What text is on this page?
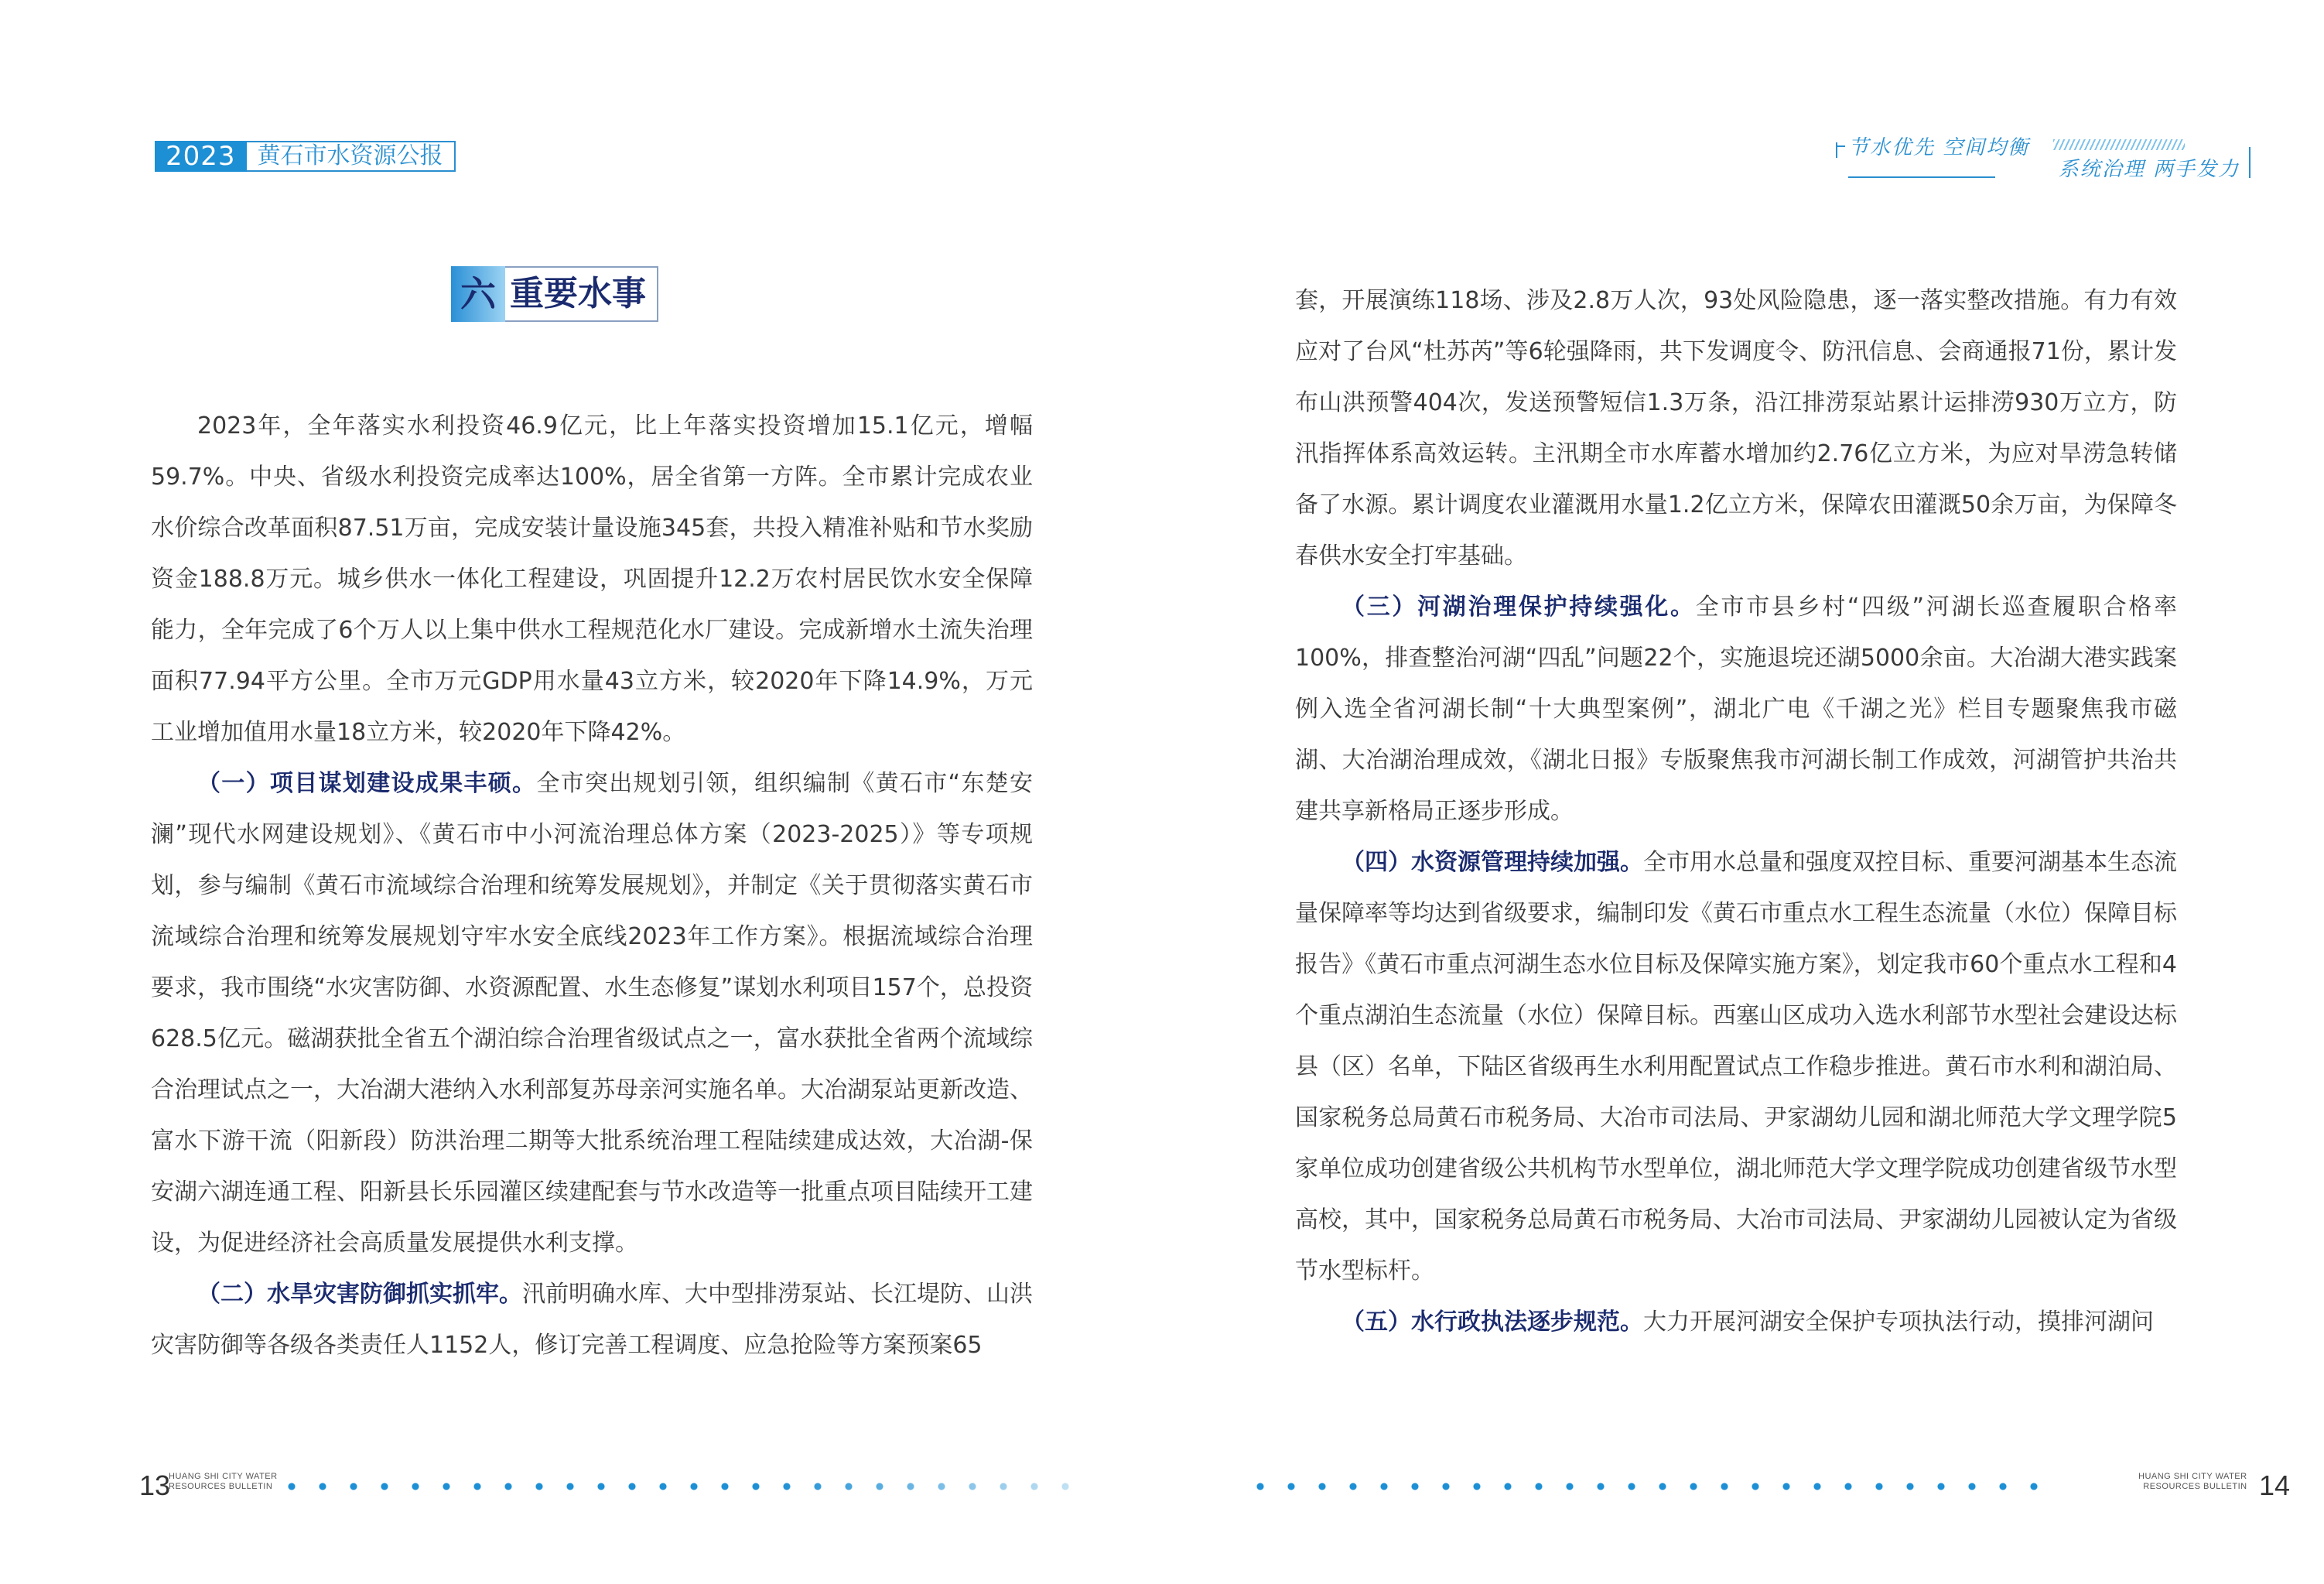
2023 黄石市水资源公报
六 重要水事

2023年，全年落实水利投资46.9亿元，比上年落实投资增加15.1亿元，增幅59.7%。中央、省级水利投资完成率达100%，居全省第一方阵。全市累计完成农业水价综合改革面积87.51万亩，完成安装计量设施345套，共投入精准补贴和节水奖励资金188.8万元。城乡供水一体化工程建设，巩固提升12.2万农村居民饮水安全保障能力，全年完成了6个万人以上集中供水工程规范化水厂建设。完成新增水土流失治理面积77.94平方公里。全市万元GDP用水量43立方米，较2020年下降14.9%，万元工业增加值用水量18立方米，较2020年下降42%。

（一）项目谋划建设成果丰硕。全市突出规划引领，组织编制《黄石市“东楚安澜”现代水网建设规划》、《黄石市中小河流治理总体方案（2023-2025）》等专项规划，参与编制《黄石市流域综合治理和统筹发展规划》，并制定《关于贯彻落实黄石市流域综合治理和统筹发展规划守牢水安全底线2023年工作方案》。根据流域综合治理要求，我市围绕“水灾害防御、水资源配置、水生态修复”谋划水利项目157个，总投资628.5亿元。磁湖获批全省五个湖泊综合治理省级试点之一，富水获批全省两个流域综合治理试点之一，大冶湖大港纳入水利部复苏母亲河实施名单。大冶湖泵站更新改造、富水下游干流（阳新段）防洪治理二期等大批系统治理工程陆续建成达效，大冶湖-保安湖六湖连通工程、阳新县长乐园灌区续建配套与节水改造等一批重点项目陆续开工建设，为促进经济社会高质量发展提供水利支撑。

（二）水旱灾害防御抓实抓牢。汛前明确水库、大中型排涝泵站、长江堤防、山洪灾害防御等各级各类责任人1152人，修订完善工程调度、应急抢险等方案预案65

13
HUANG SHI CITY WATER
RESOURCES BULLETIN
节水优先 空间均衡
系统治理 两手发力

套，开展演练118场、涉及2.8万人次，93处风险隐患，逐一落实整改措施。有力有效应对了台风“杜苏芮”等6轮强降雨，共下发调度令、防汛信息、会商通报71份，累计发布山洪预警404次，发送预警短信1.3万条，沿江排涝泵站累计运排涝930万立方，防汛指挥体系高效运转。主汛期全市水库蓄水增加约2.76亿立方米，为应对旱涝急转储备了水源。累计调度农业灌溉用水量1.2亿立方米，保障农田灌溉50余万亩，为保障冬春供水安全打牢基础。

（三）河湖治理保护持续强化。全市市县乡村“四级”河湖长巡查履职合格率100%，排查整治河湖“四乱”问题22个，实施退垸还湖5000余亩。大冶湖大港实践案例入选全省河湖长制“十大典型案例”，湖北广电《千湖之光》栏目专题聚焦我市磁湖、大冶湖治理成效，《湖北日报》专版聚焦我市河湖长制工作成效，河湖管护共治共建共享新格局正逐步形成。

（四）水资源管理持续加强。全市用水总量和强度双控目标、重要河湖基本生态流量保障率等均达到省级要求，编制印发《黄石市重点水工程生态流量（水位）保障目标报告》《黄石市重点河湖生态水位目标及保障实施方案》，划定我市60个重点水工程和4个重点湖泊生态流量（水位）保障目标。西塞山区成功入选水利部节水型社会建设达标县（区）名单，下陆区省级再生水利用配置试点工作稳步推进。黄石市水利和湖泊局、国家税务总局黄石市税务局、大冶市司法局、尹家湖幼儿园和湖北师范大学文理学院5家单位成功创建省级公共机构节水型单位，湖北师范大学文理学院成功创建省级节水型高校，其中，国家税务总局黄石市税务局、大冶市司法局、尹家湖幼儿园被认定为省级节水型标杆。

（五）水行政执法逐步规范。大力开展河湖安全保护专项执法行动，摸排河湖问

HUANG SHI CITY WATER
RESOURCES BULLETIN 14
